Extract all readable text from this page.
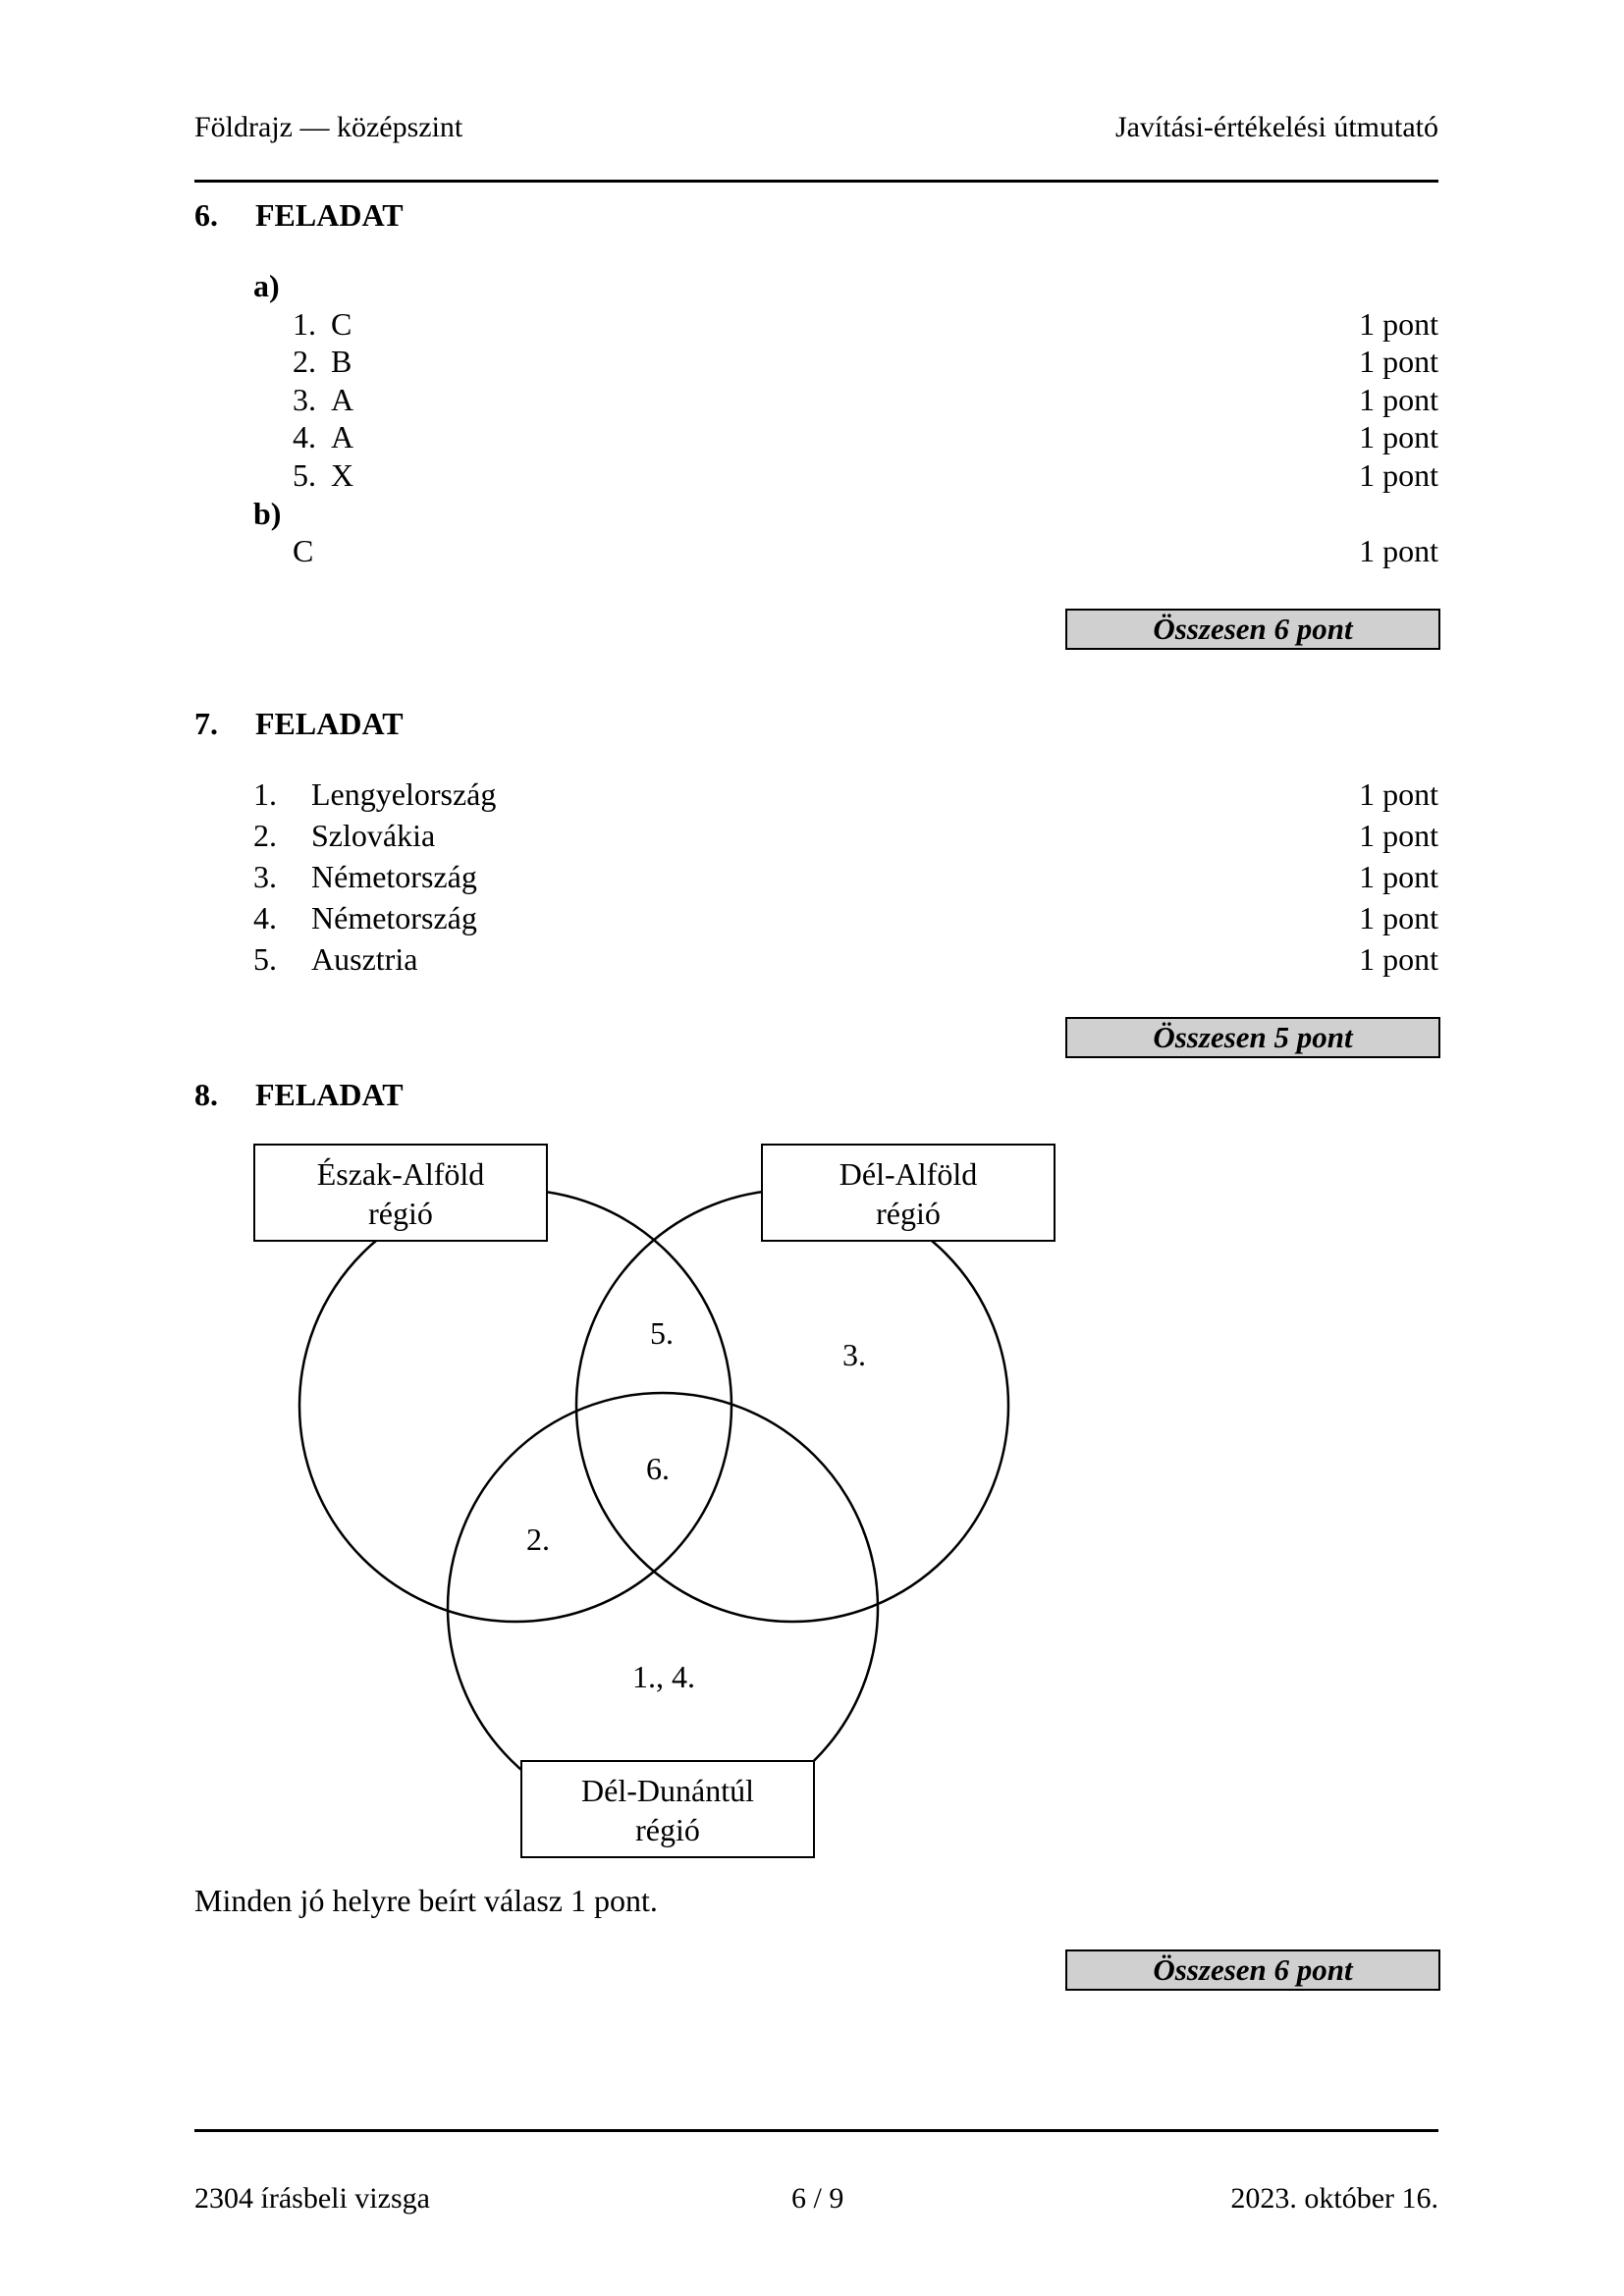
Földrajz — középszint	Javítási-értékelési útmutató
6. FELADAT
a)
1. C	1 pont
2. B	1 pont
3. A	1 pont
4. A	1 pont
5. X	1 pont
b)
C	1 pont
Összesen 6 pont
7. FELADAT
1. Lengyelország	1 pont
2. Szlovákia	1 pont
3. Németország	1 pont
4. Németország	1 pont
5. Ausztria	1 pont
Összesen 5 pont
8. FELADAT
Észak-Alföld
régió
Dél-Alföld
régió
Dél-Dunántúl
régió
5.
3.
6.
2.
1., 4.
Minden jó helyre beírt válasz 1 pont.
Összesen 6 pont
2304 írásbeli vizsga	6 / 9	2023. október 16.
